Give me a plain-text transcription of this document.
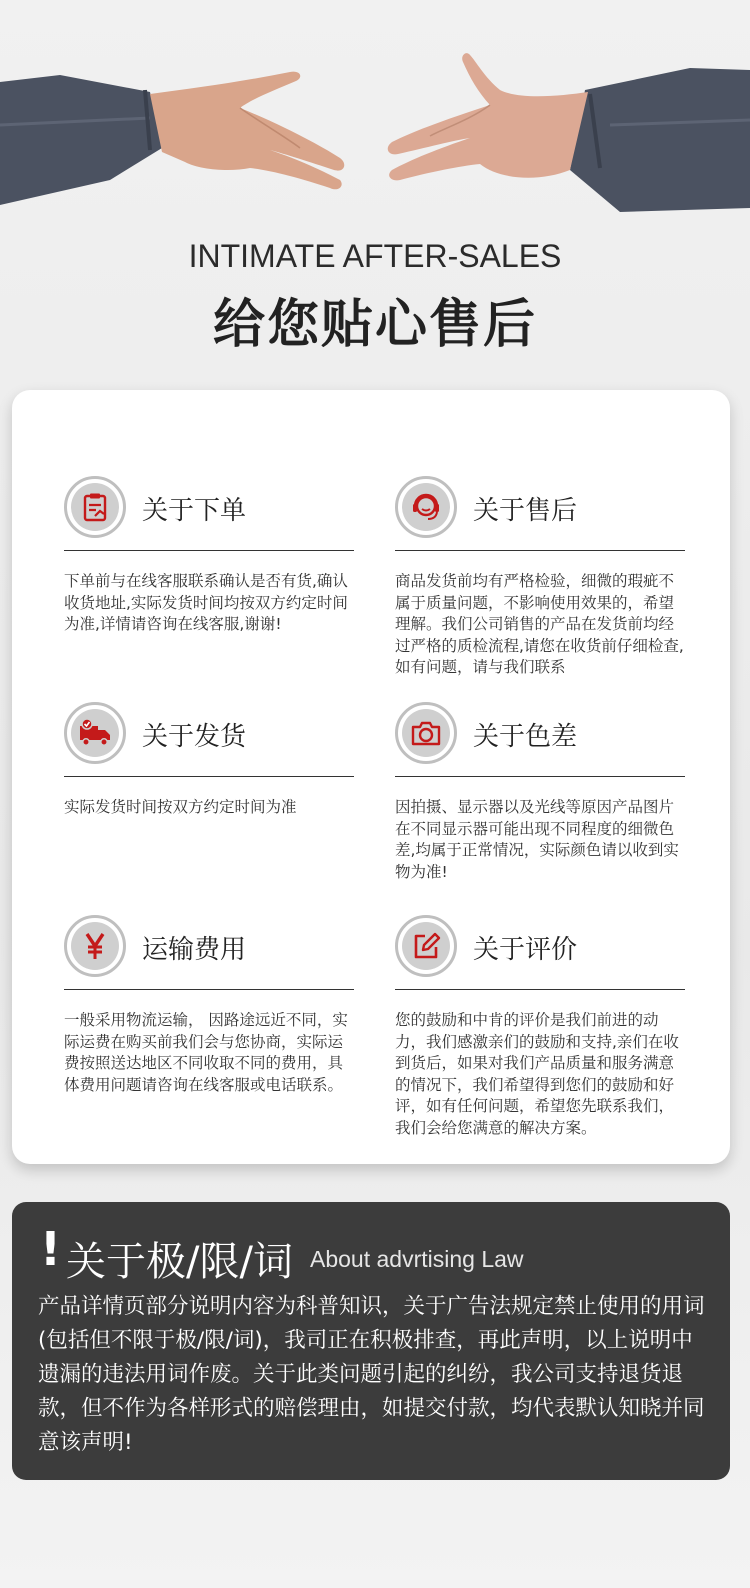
INTIMATE AFTER-SALES
给您贴心售后
关于下单
下单前与在线客服联系确认是否有货,确认收货地址,实际发货时间均按双方约定时间为准,详情请咨询在线客服,谢谢!
关于售后
商品发货前均有严格检验，细微的瑕疵不属于质量问题，不影响使用效果的，希望理解。我们公司销售的产品在发货前均经过严格的质检流程,请您在收货前仔细检查,如有问题，请与我们联系
关于发货
实际发货时间按双方约定时间为准
关于色差
因拍摄、显示器以及光线等原因产品图片在不同显示器可能出现不同程度的细微色差,均属于正常情况，实际颜色请以收到实物为准!
运输费用
一般采用物流运输， 因路途远近不同，实际运费在购买前我们会与您协商，实际运费按照送达地区不同收取不同的费用，具体费用问题请咨询在线客服或电话联系。
关于评价
您的鼓励和中肯的评价是我们前进的动力，我们感激亲们的鼓励和支持,亲们在收到货后，如果对我们产品质量和服务满意的情况下，我们希望得到您们的鼓励和好评，如有任何问题，希望您先联系我们，我们会给您满意的解决方案。
! 关于极/限/词 About advrtising Law
产品详情页部分说明内容为科普知识，关于广告法规定禁止使用的用词(包括但不限于极/限/词)，我司正在积极排查，再此声明，以上说明中遗漏的违法用词作废。关于此类问题引起的纠纷，我公司支持退货退款，但不作为各样形式的赔偿理由，如提交付款，均代表默认知晓并同意该声明!
